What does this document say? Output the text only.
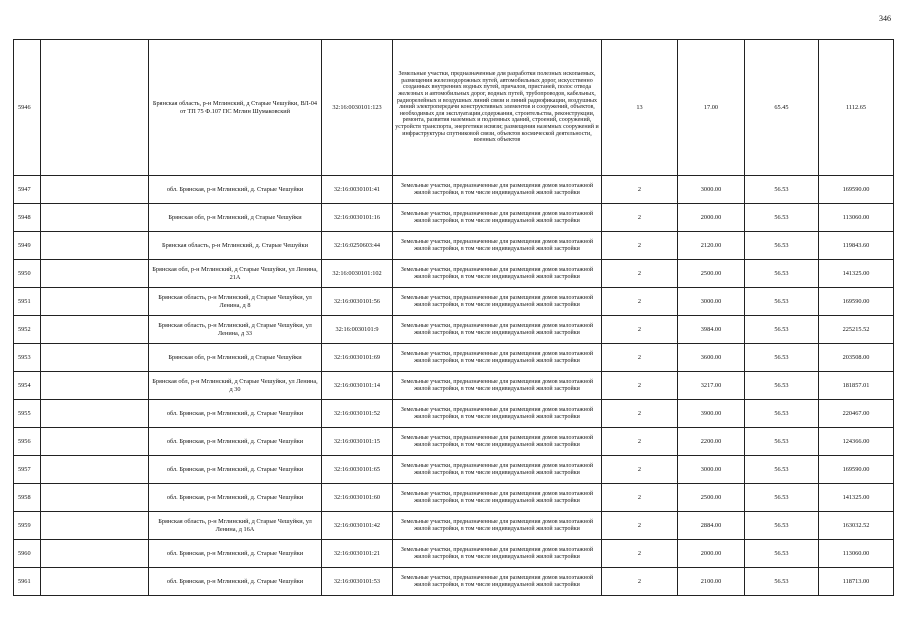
346
5946		Брянская область, р-н Мглинский, д Старые Чешуйки, ВЛ-04 от ТП 75 Ф.107 ПС Мглин Шумаковский	32:16:0030101:123	Земельные участки, предназначенные для разработки полезных ископаемых, размещения железнодорожных путей, автомобильных дорог, искусственно созданных внутренних водных путей, причалов, пристаней, полос отвода железных и автомобильных дорог, водных путей, трубопроводов, кабельных, радиорелейных и воздушных линий связи и линий радиофикации, воздушных линий электропередачи конструктивных элементов и сооружений, объектов, необходимых для эксплуатации,содержания, строительства, реконструкции, ремонта, развития наземных и подземных зданий, строений, сооружений, устройств транспорта, энергетики исвязи; размещения наземных сооружений и инфраструктуры спутниковой связи, объектов космической деятельности, военных объектов	13	17.00	65.45	1112.65
5947		обл. Брянская, р-н Мглинский, д. Старые Чешуйки	32:16:0030101:41	Земельные участки, предназначенные для размещения домов малоэтажной жилой застройки, в том числе индивидуальной жилой застройки	2	3000.00	56.53	169590.00
5948		Брянская обл, р-н Мглинский, д Старые Чешуйки	32:16:0030101:16	Земельные участки, предназначенные для размещения домов малоэтажной жилой застройки, в том числе индивидуальной жилой застройки	2	2000.00	56.53	113060.00
5949		Брянская область, р-н Мглинский, д. Старые Чешуйки	32:16:0250603:44	Земельные участки, предназначенные для размещения домов малоэтажной жилой застройки, в том числе индивидуальной жилой застройки	2	2120.00	56.53	119843.60
5950		Брянская обл, р-н Мглинский, д Старые Чешуйки, ул Ленина, 21А	32:16:0030101:102	Земельные участки, предназначенные для размещения домов малоэтажной жилой застройки, в том числе индивидуальной жилой застройки	2	2500.00	56.53	141325.00
5951		Брянская область, р-н Мглинский, д Старые Чешуйки, ул Ленина, д 8	32:16:0030101:56	Земельные участки, предназначенные для размещения домов малоэтажной жилой застройки, в том числе индивидуальной жилой застройки	2	3000.00	56.53	169590.00
5952		Брянская область, р-н Мглинский, д Старые Чешуйки, ул Ленина, д 33	32:16:0030101:9	Земельные участки, предназначенные для размещения домов малоэтажной жилой застройки, в том числе индивидуальной жилой застройки	2	3984.00	56.53	225215.52
5953		Брянская обл, р-н Мглинский, д Старые Чешуйки	32:16:0030101:69	Земельные участки, предназначенные для размещения домов малоэтажной жилой застройки, в том числе индивидуальной жилой застройки	2	3600.00	56.53	203508.00
5954		Брянская обл, р-н Мглинский, д Старые Чешуйки, ул Ленина, д 30	32:16:0030101:14	Земельные участки, предназначенные для размещения домов малоэтажной жилой застройки, в том числе индивидуальной жилой застройки	2	3217.00	56.53	181857.01
5955		обл. Брянская, р-н Мглинский, д. Старые Чешуйки	32:16:0030101:52	Земельные участки, предназначенные для размещения домов малоэтажной жилой застройки, в том числе индивидуальной жилой застройки	2	3900.00	56.53	220467.00
5956		обл. Брянская, р-н Мглинский, д. Старые Чешуйки	32:16:0030101:15	Земельные участки, предназначенные для размещения домов малоэтажной жилой застройки, в том числе индивидуальной жилой застройки	2	2200.00	56.53	124366.00
5957		обл. Брянская, р-н Мглинский, д. Старые Чешуйки	32:16:0030101:65	Земельные участки, предназначенные для размещения домов малоэтажной жилой застройки, в том числе индивидуальной жилой застройки	2	3000.00	56.53	169590.00
5958		обл. Брянская, р-н Мглинский, д. Старые Чешуйки	32:16:0030101:60	Земельные участки, предназначенные для размещения домов малоэтажной жилой застройки, в том числе индивидуальной жилой застройки	2	2500.00	56.53	141325.00
5959		Брянская область, р-н Мглинский, д Старые Чешуйки, ул Ленина, д 16А	32:16:0030101:42	Земельные участки, предназначенные для размещения домов малоэтажной жилой застройки, в том числе индивидуальной жилой застройки	2	2884.00	56.53	163032.52
5960		обл. Брянская, р-н Мглинский, д. Старые Чешуйки	32:16:0030101:21	Земельные участки, предназначенные для размещения домов малоэтажной жилой застройки, в том числе индивидуальной жилой застройки	2	2000.00	56.53	113060.00
5961		обл. Брянская, р-н Мглинский, д. Старые Чешуйки	32:16:0030101:53	Земельные участки, предназначенные для размещения домов малоэтажной жилой застройки, в том числе индивидуальной жилой застройки	2	2100.00	56.53	118713.00
